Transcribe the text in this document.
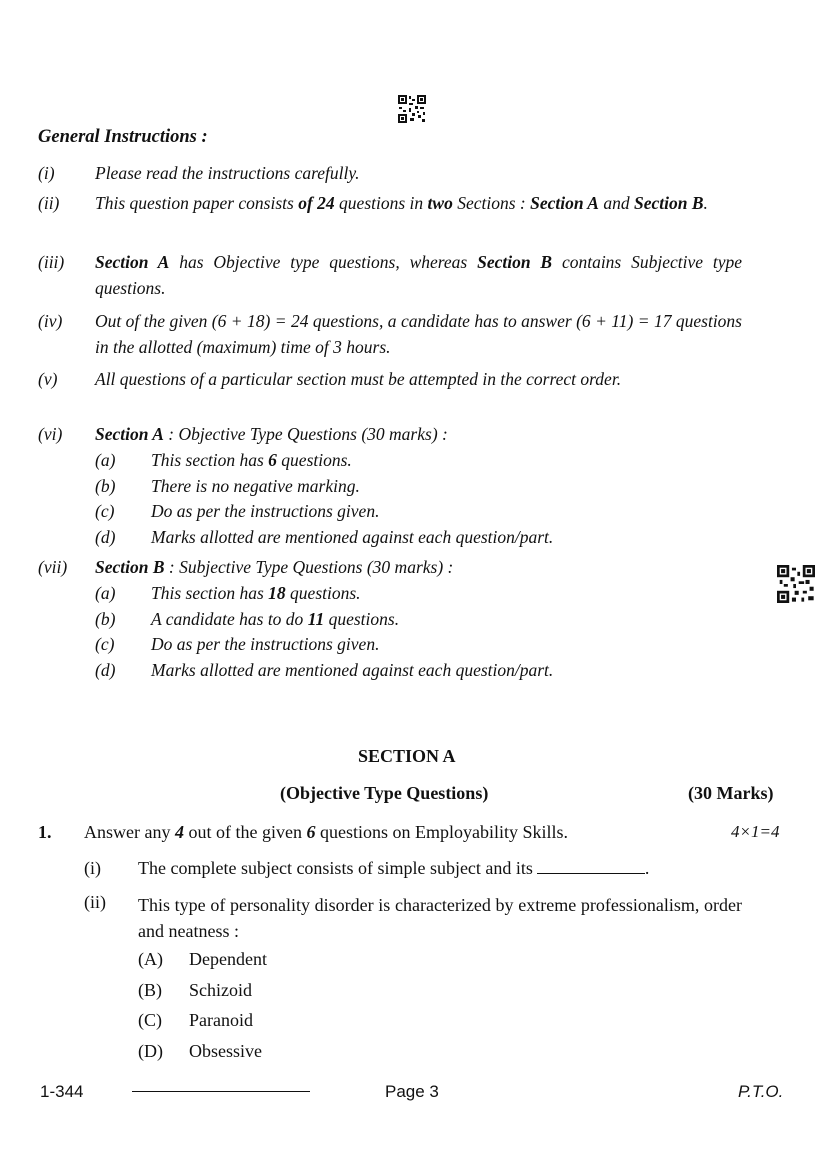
General Instructions :
(i) Please read the instructions carefully.
(ii) This question paper consists of 24 questions in two Sections : Section A and Section B.
(iii) Section A has Objective type questions, whereas Section B contains Subjective type questions.
(iv) Out of the given (6 + 18) = 24 questions, a candidate has to answer (6 + 11) = 17 questions in the allotted (maximum) time of 3 hours.
(v) All questions of a particular section must be attempted in the correct order.
(vi) Section A : Objective Type Questions (30 marks) :
(a) This section has 6 questions.
(b) There is no negative marking.
(c) Do as per the instructions given.
(d) Marks allotted are mentioned against each question/part.
(vii) Section B : Subjective Type Questions (30 marks) :
(a) This section has 18 questions.
(b) A candidate has to do 11 questions.
(c) Do as per the instructions given.
(d) Marks allotted are mentioned against each question/part.
SECTION A
(Objective Type Questions)	(30 Marks)
1. Answer any 4 out of the given 6 questions on Employability Skills.	4×1=4
(i) The complete subject consists of simple subject and its	.
(ii) This type of personality disorder is characterized by extreme professionalism, order and neatness :
(A) Dependent
(B) Schizoid
(C) Paranoid
(D) Obsessive
1-344	Page 3	P.T.O.
